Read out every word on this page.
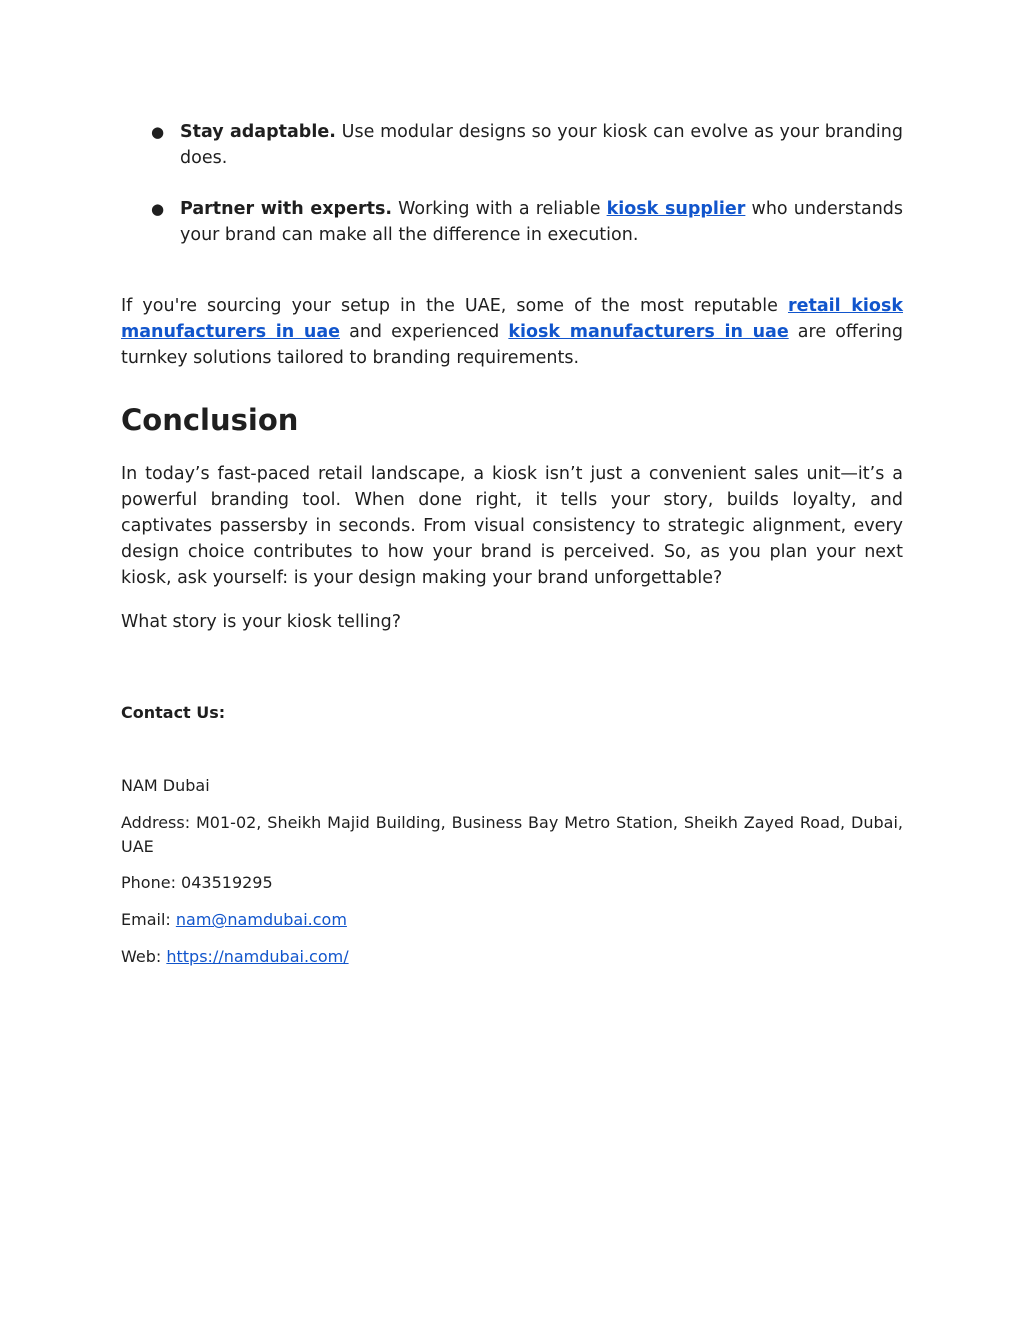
● Stay adaptable. Use modular designs so your kiosk can evolve as your branding does.
● Partner with experts. Working with a reliable kiosk supplier who understands your brand can make all the difference in execution.

If you're sourcing your setup in the UAE, some of the most reputable retail kiosk manufacturers in uae and experienced kiosk manufacturers in uae are offering turnkey solutions tailored to branding requirements.

Conclusion

In today’s fast-paced retail landscape, a kiosk isn’t just a convenient sales unit—it’s a powerful branding tool. When done right, it tells your story, builds loyalty, and captivates passersby in seconds. From visual consistency to strategic alignment, every design choice contributes to how your brand is perceived. So, as you plan your next kiosk, ask yourself: is your design making your brand unforgettable?

What story is your kiosk telling?

Contact Us:

NAM Dubai

Address: M01-02, Sheikh Majid Building, Business Bay Metro Station, Sheikh Zayed Road, Dubai, UAE

Phone: 043519295

Email: nam@namdubai.com

Web: https://namdubai.com/
